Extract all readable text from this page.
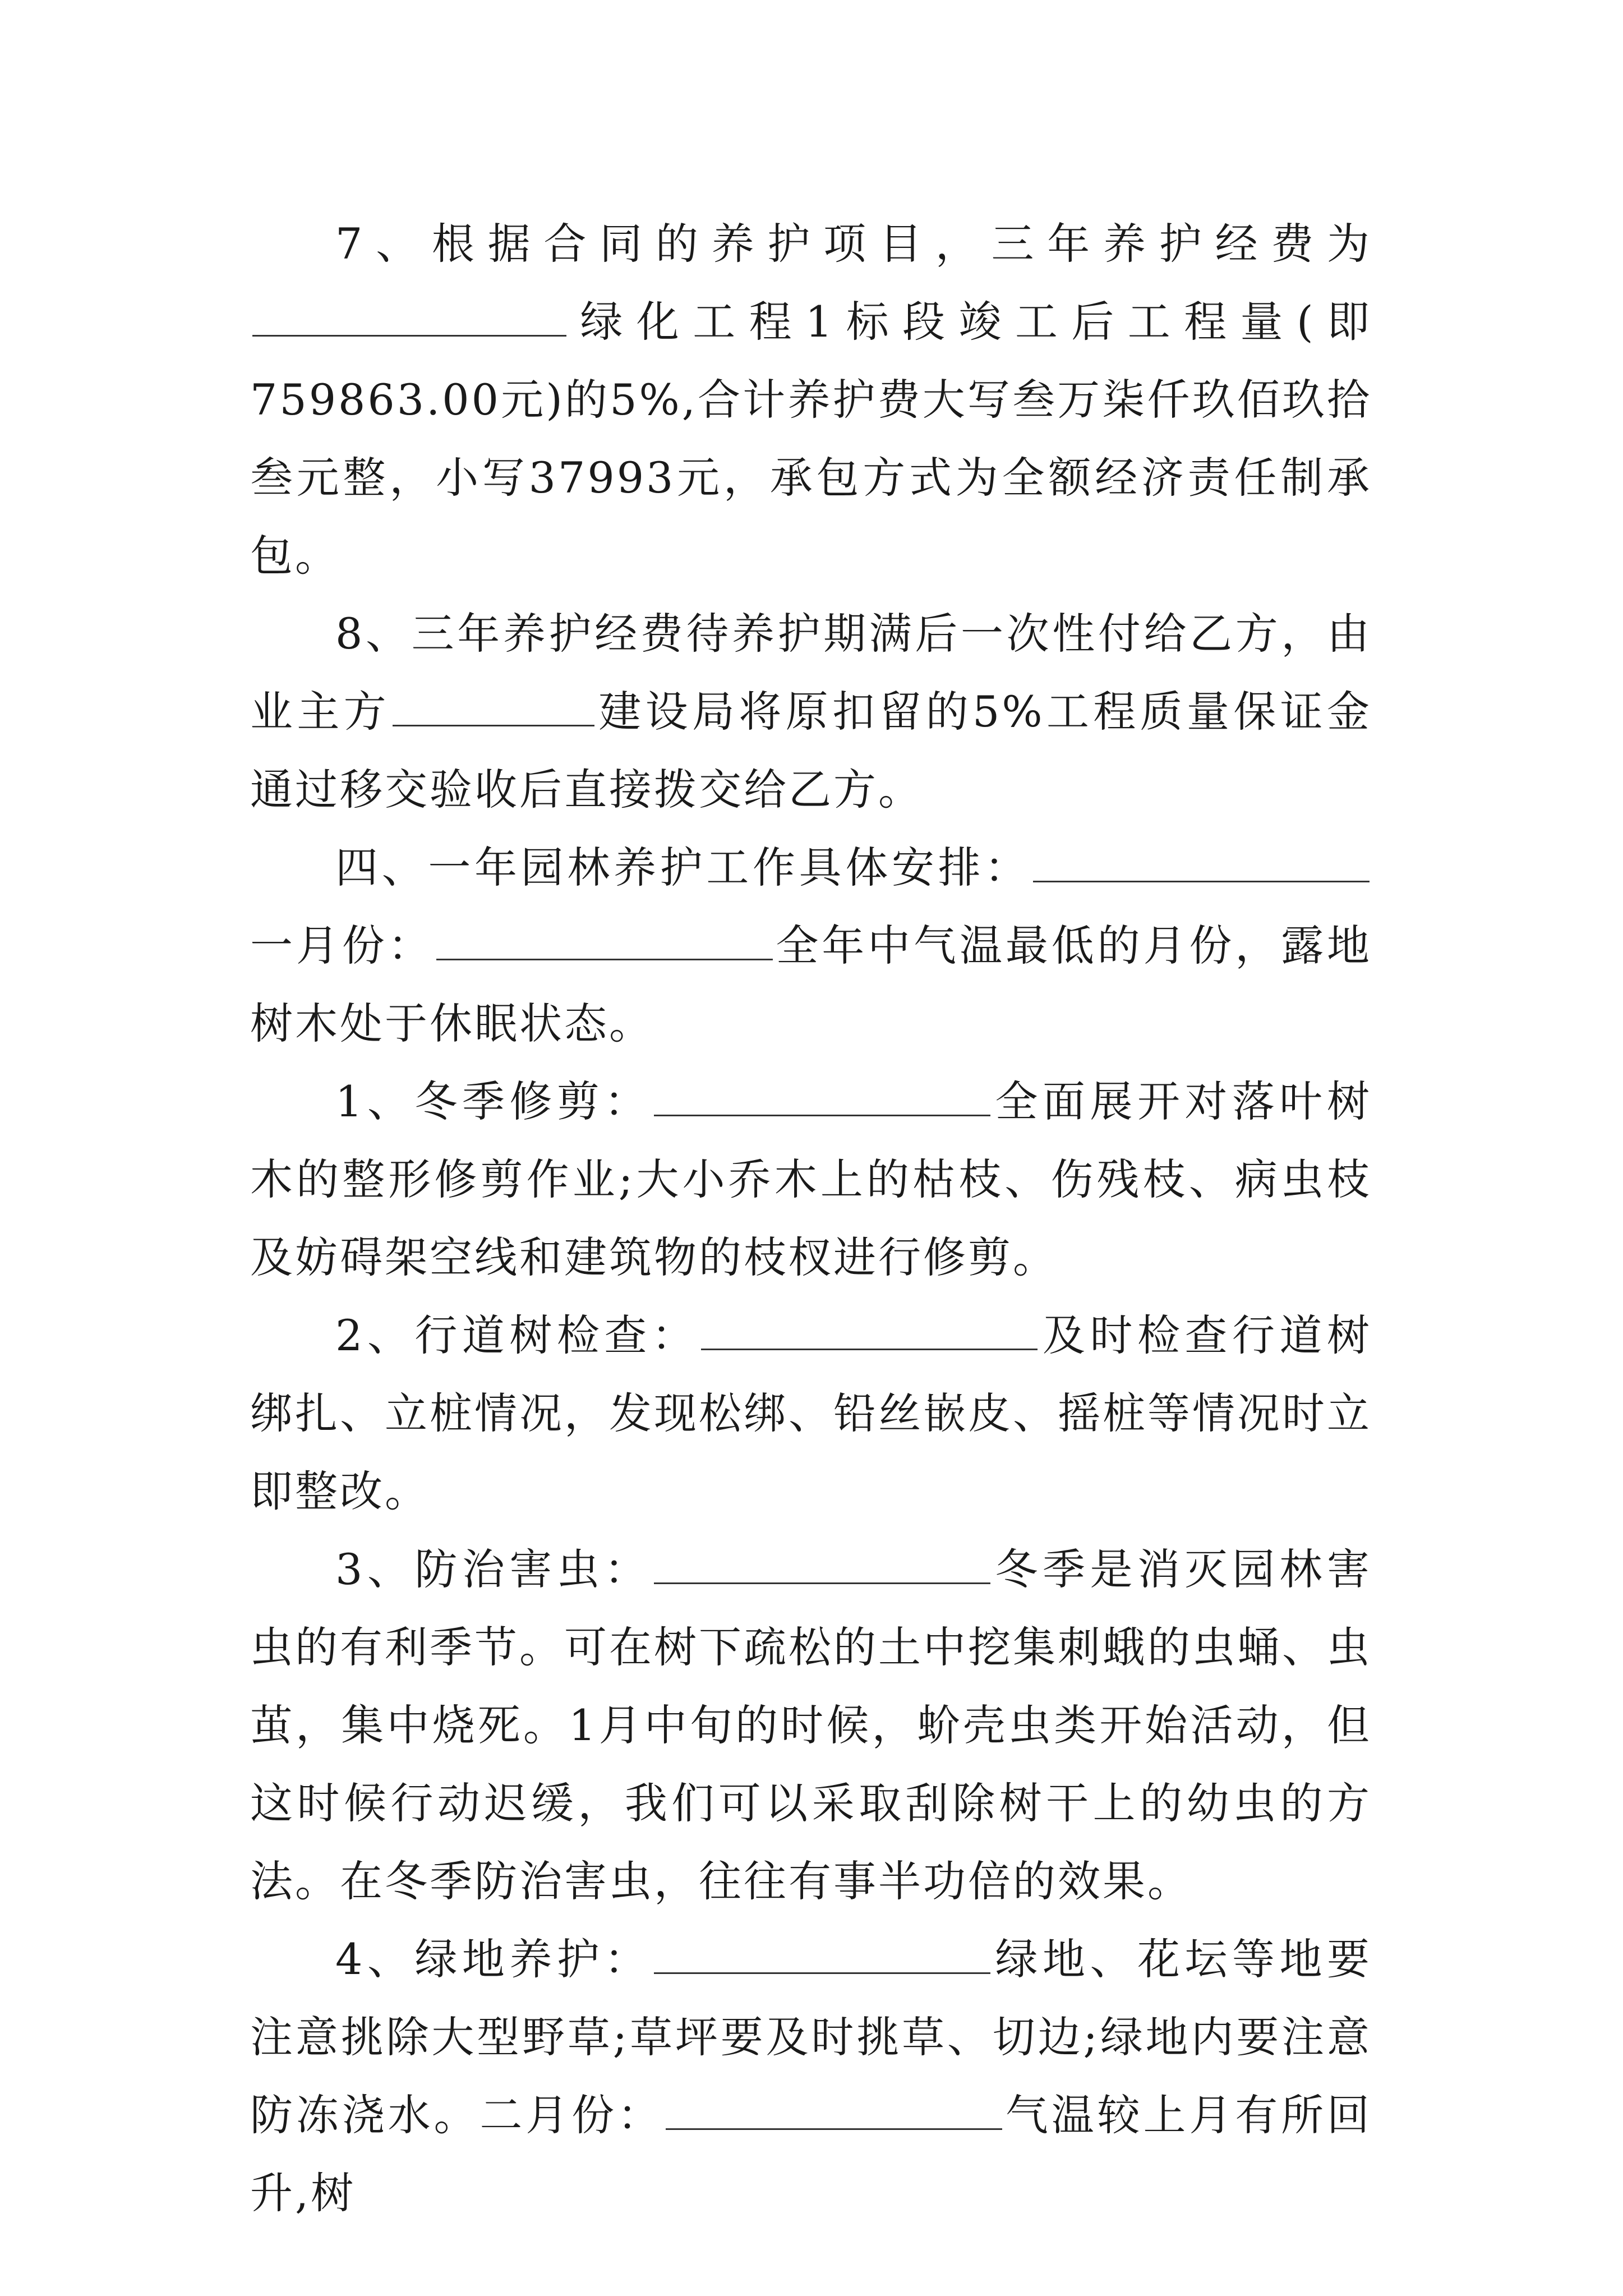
7、根据合同的养护项目，三年养护经费为绿化工程1标段竣工后工程量(即759863.00元)的5%,合计养护费大写叁万柒仟玖佰玖拾叁元整，小写37993元，承包方式为全额经济责任制承包。

8、三年养护经费待养护期满后一次性付给乙方，由业主方	建设局将原扣留的5%工程质量保证金通过移交验收后直接拨交给乙方。

四、一年园林养护工作具体安排：一月份：	全年中气温最低的月份，露地树木处于休眠状态。

1、冬季修剪：	全面展开对落叶树木的整形修剪作业;大小乔木上的枯枝、伤残枝、病虫枝及妨碍架空线和建筑物的枝杈进行修剪。

2、行道树检查：	及时检查行道树绑扎、立桩情况，发现松绑、铅丝嵌皮、摇桩等情况时立即整改。

3、防治害虫：	冬季是消灭园林害虫的有利季节。可在树下疏松的土中挖集刺蛾的虫蛹、虫茧，集中烧死。1月中旬的时候，蚧壳虫类开始活动，但这时候行动迟缓，我们可以采取刮除树干上的幼虫的方法。在冬季防治害虫，往往有事半功倍的效果。

4、绿地养护：	绿地、花坛等地要注意挑除大型野草;草坪要及时挑草、切边;绿地内要注意防冻浇水。二月份：	气温较上月有所回升,树
